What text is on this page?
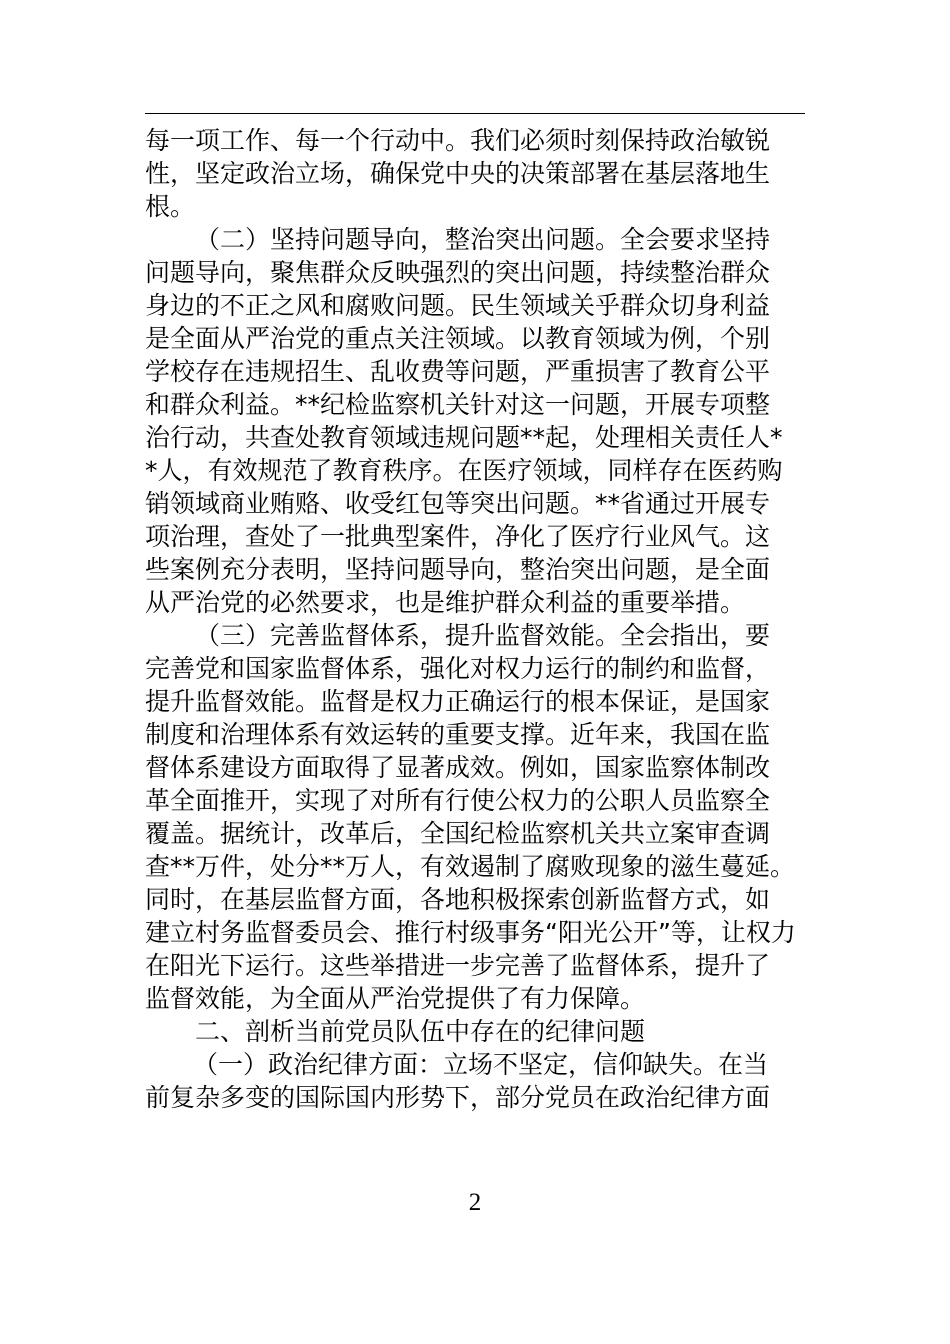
每一项工作、每一个行动中。我们必须时刻保持政治敏锐
性，坚定政治立场，确保党中央的决策部署在基层落地生
根。
（二）坚持问题导向，整治突出问题。全会要求坚持
问题导向，聚焦群众反映强烈的突出问题，持续整治群众
身边的不正之风和腐败问题。民生领域关乎群众切身利益
是全面从严治党的重点关注领域。以教育领域为例，个别
学校存在违规招生、乱收费等问题，严重损害了教育公平
和群众利益。**纪检监察机关针对这一问题，开展专项整
治行动，共查处教育领域违规问题**起，处理相关责任人*
*人，有效规范了教育秩序。在医疗领域，同样存在医药购
销领域商业贿赂、收受红包等突出问题。**省通过开展专
项治理，查处了一批典型案件，净化了医疗行业风气。这
些案例充分表明，坚持问题导向，整治突出问题，是全面
从严治党的必然要求，也是维护群众利益的重要举措。
（三）完善监督体系，提升监督效能。全会指出，要
完善党和国家监督体系，强化对权力运行的制约和监督，
提升监督效能。监督是权力正确运行的根本保证，是国家
制度和治理体系有效运转的重要支撑。近年来，我国在监
督体系建设方面取得了显著成效。例如，国家监察体制改
革全面推开，实现了对所有行使公权力的公职人员监察全
覆盖。据统计，改革后，全国纪检监察机关共立案审查调
查**万件，处分**万人，有效遏制了腐败现象的滋生蔓延。
同时，在基层监督方面，各地积极探索创新监督方式，如
建立村务监督委员会、推行村级事务“阳光公开”等，让权力
在阳光下运行。这些举措进一步完善了监督体系，提升了
监督效能，为全面从严治党提供了有力保障。
二、剖析当前党员队伍中存在的纪律问题
（一）政治纪律方面：立场不坚定，信仰缺失。在当
前复杂多变的国际国内形势下，部分党员在政治纪律方面
2
